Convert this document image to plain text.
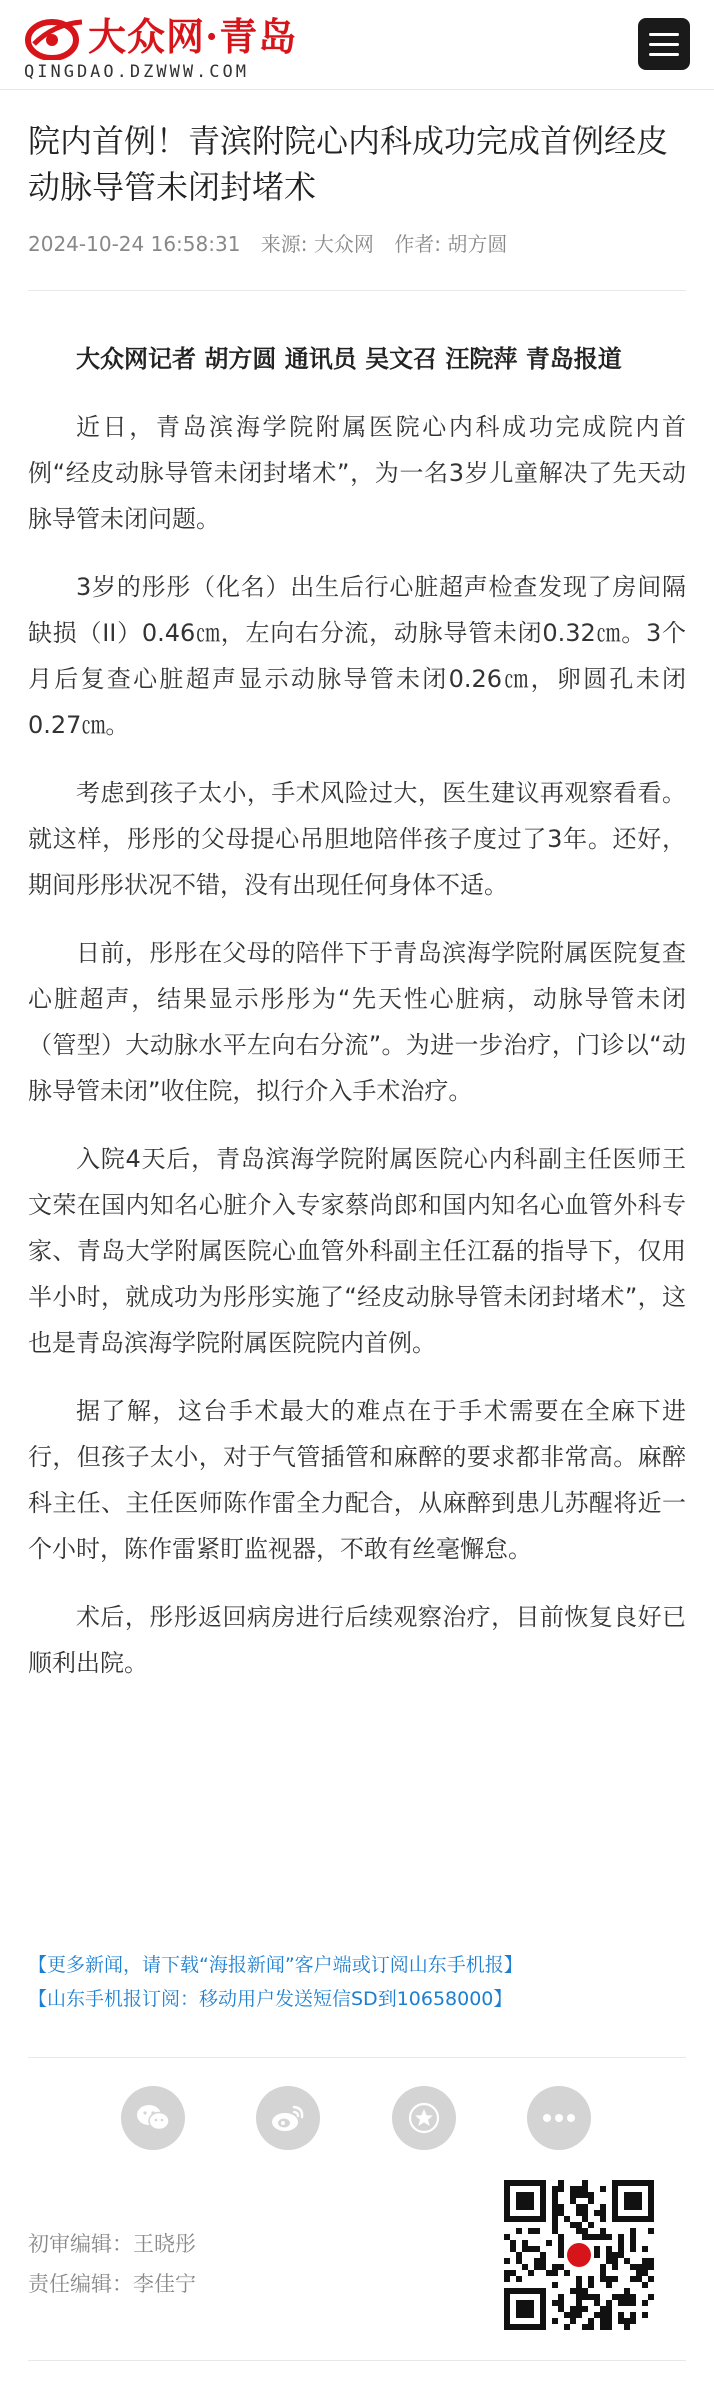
大众网·青岛
QINGDAO.DZWWW.COM
院内首例！青滨附院心内科成功完成首例经皮动脉导管未闭封堵术
2024-10-24 16:58:31 来源: 大众网 作者: 胡方圆

大众网记者 胡方圆 通讯员 吴文召 汪院萍 青岛报道

近日，青岛滨海学院附属医院心内科成功完成院内首例“经皮动脉导管未闭封堵术”，为一名3岁儿童解决了先天动脉导管未闭问题。

3岁的彤彤（化名）出生后行心脏超声检查发现了房间隔缺损（II）0.46㎝，左向右分流，动脉导管未闭0.32㎝。3个月后复查心脏超声显示动脉导管未闭0.26㎝，卵圆孔未闭0.27㎝。

考虑到孩子太小，手术风险过大，医生建议再观察看看。就这样，彤彤的父母提心吊胆地陪伴孩子度过了3年。还好，期间彤彤状况不错，没有出现任何身体不适。

日前，彤彤在父母的陪伴下于青岛滨海学院附属医院复查心脏超声，结果显示彤彤为“先天性心脏病，动脉导管未闭（管型）大动脉水平左向右分流”。为进一步治疗，门诊以“动脉导管未闭”收住院，拟行介入手术治疗。

入院4天后，青岛滨海学院附属医院心内科副主任医师王文荣在国内知名心脏介入专家蔡尚郎和国内知名心血管外科专家、青岛大学附属医院心血管外科副主任江磊的指导下，仅用半小时，就成功为彤彤实施了“经皮动脉导管未闭封堵术”，这也是青岛滨海学院附属医院院内首例。

据了解，这台手术最大的难点在于手术需要在全麻下进行，但孩子太小，对于气管插管和麻醉的要求都非常高。麻醉科主任、主任医师陈作雷全力配合，从麻醉到患儿苏醒将近一个小时，陈作雷紧盯监视器，不敢有丝毫懈怠。

术后，彤彤返回病房进行后续观察治疗，目前恢复良好已顺利出院。

【更多新闻，请下载“海报新闻”客户端或订阅山东手机报】
【山东手机报订阅：移动用户发送短信SD到10658000】
初审编辑：王晓彤
责任编辑：李佳宁
